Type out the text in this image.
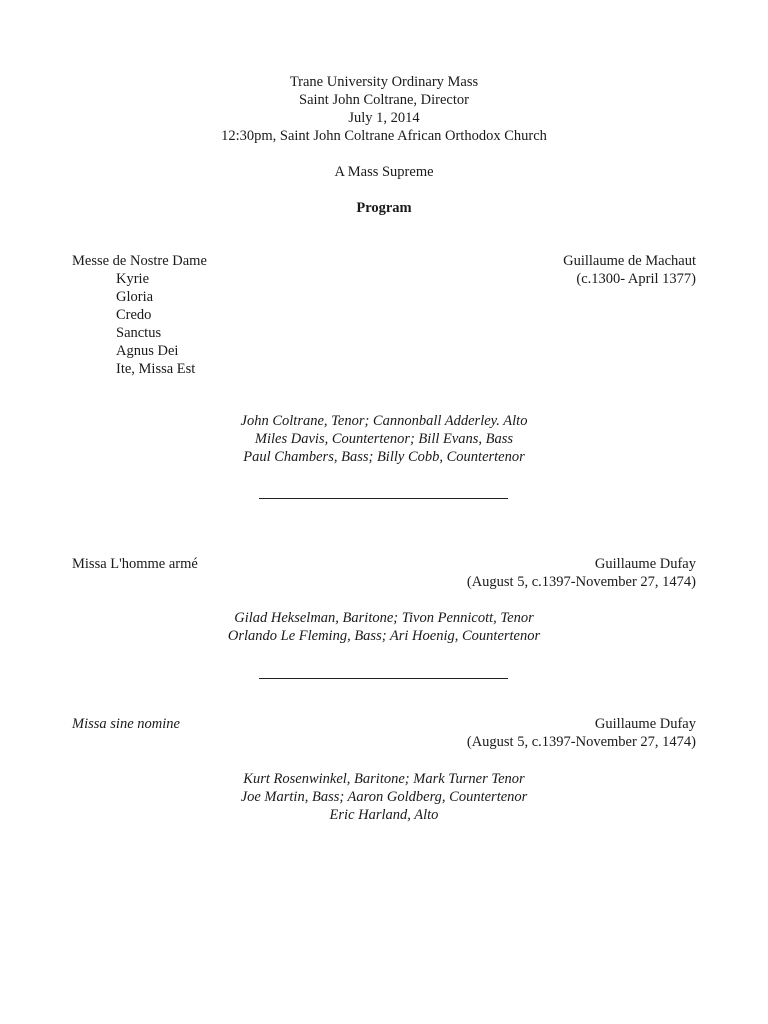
Trane University Ordinary Mass
Saint John Coltrane, Director
July 1, 2014
12:30pm, Saint John Coltrane African Orthodox Church
A Mass Supreme
Program
Messe de Nostre Dame
Kyrie
Gloria
Credo
Sanctus
Agnus Dei
Ite, Missa Est
Guillaume de Machaut
(c.1300- April 1377)
John Coltrane, Tenor; Cannonball Adderley. Alto
Miles Davis, Countertenor; Bill Evans, Bass
Paul Chambers, Bass; Billy Cobb, Countertenor
Missa L'homme armé	Guillaume Dufay
(August 5, c.1397-November 27, 1474)
Gilad Hekselman, Baritone; Tivon Pennicott, Tenor
Orlando Le Fleming, Bass; Ari Hoenig, Countertenor
Missa sine nomine	Guillaume Dufay
(August 5, c.1397-November 27, 1474)
Kurt Rosenwinkel, Baritone; Mark Turner Tenor
Joe Martin, Bass; Aaron Goldberg, Countertenor
Eric Harland, Alto
